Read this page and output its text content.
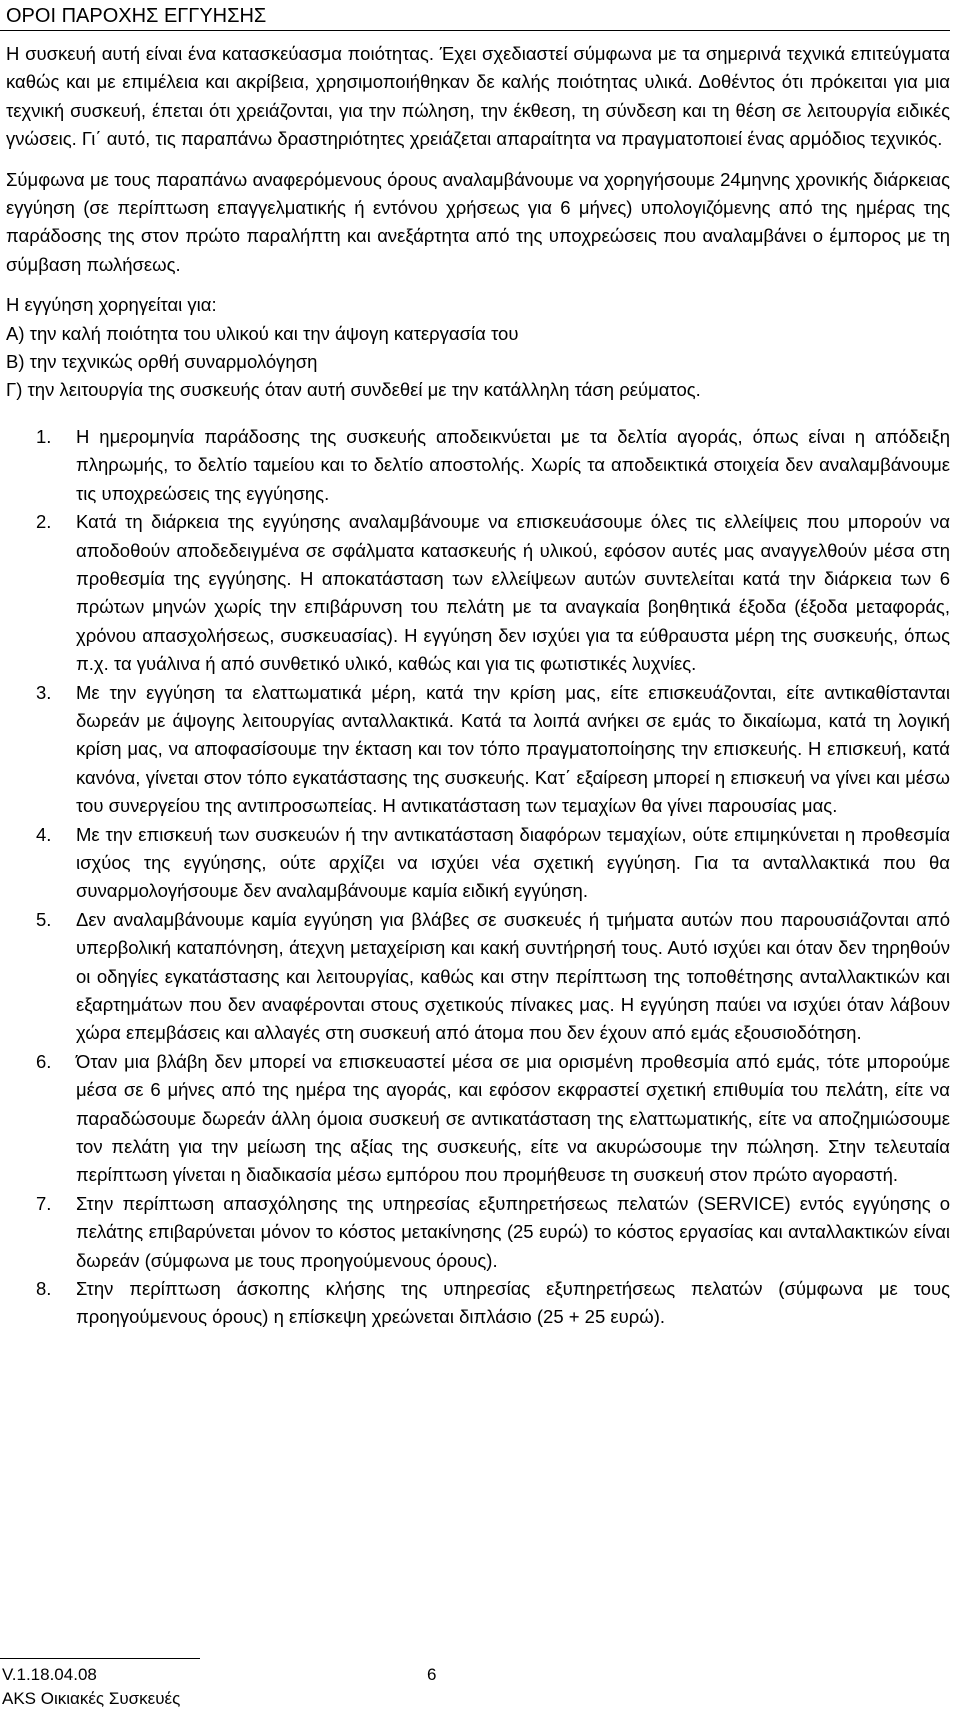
ΟΡΟΙ ΠΑΡΟΧΗΣ ΕΓΓΥΗΣΗΣ

Η συσκευή αυτή είναι ένα κατασκεύασμα ποιότητας. Έχει σχεδιαστεί σύμφωνα με τα σημερινά τεχνικά επιτεύγματα καθώς και με επιμέλεια και ακρίβεια, χρησιμοποιήθηκαν δε καλής ποιότητας υλικά. Δοθέντος ότι πρόκειται για μια τεχνική συσκευή, έπεται ότι χρειάζονται, για την πώληση, την έκθεση, τη σύνδεση και τη θέση σε λειτουργία ειδικές γνώσεις. Γι΄ αυτό, τις παραπάνω δραστηριότητες χρειάζεται απαραίτητα να πραγματοποιεί ένας αρμόδιος τεχνικός.

Σύμφωνα με τους παραπάνω αναφερόμενους όρους αναλαμβάνουμε να χορηγήσουμε 24μηνης χρονικής διάρκειας εγγύηση (σε περίπτωση επαγγελματικής ή εντόνου χρήσεως για 6 μήνες) υπολογιζόμενης από της ημέρας της παράδοσης της στον πρώτο παραλήπτη και ανεξάρτητα από της υποχρεώσεις που αναλαμβάνει ο έμπορος με τη σύμβαση πωλήσεως.

Η εγγύηση χορηγείται για:

Α) την καλή ποιότητα του υλικού και την άψογη κατεργασία του

Β) την τεχνικώς ορθή συναρμολόγηση

Γ) την λειτουργία της συσκευής όταν αυτή συνδεθεί με την κατάλληλη τάση ρεύματος.

1. Η ημερομηνία παράδοσης της συσκευής αποδεικνύεται με τα δελτία αγοράς, όπως είναι η απόδειξη πληρωμής, το δελτίο ταμείου και το δελτίο αποστολής. Χωρίς τα αποδεικτικά στοιχεία δεν αναλαμβάνουμε τις υποχρεώσεις της εγγύησης.
2. Κατά τη διάρκεια της εγγύησης αναλαμβάνουμε να επισκευάσουμε όλες τις ελλείψεις που μπορούν να αποδοθούν αποδεδειγμένα σε σφάλματα κατασκευής ή υλικού, εφόσον αυτές μας αναγγελθούν μέσα στη προθεσμία της εγγύησης. Η αποκατάσταση των ελλείψεων αυτών συντελείται κατά την διάρκεια των 6 πρώτων μηνών χωρίς την επιβάρυνση του πελάτη με τα αναγκαία βοηθητικά έξοδα (έξοδα μεταφοράς, χρόνου απασχολήσεως, συσκευασίας). Η εγγύηση δεν ισχύει για τα εύθραυστα μέρη της συσκευής, όπως π.χ. τα γυάλινα ή από συνθετικό υλικό, καθώς και για τις φωτιστικές λυχνίες.
3. Με την εγγύηση τα ελαττωματικά μέρη, κατά την κρίση μας, είτε επισκευάζονται, είτε αντικαθίστανται δωρεάν με άψογης λειτουργίας ανταλλακτικά. Κατά τα λοιπά ανήκει σε εμάς το δικαίωμα, κατά τη λογική κρίση μας, να αποφασίσουμε την έκταση και τον τόπο πραγματοποίησης την επισκευής. Η επισκευή, κατά κανόνα, γίνεται στον τόπο εγκατάστασης της συσκευής. Κατ΄ εξαίρεση μπορεί η επισκευή να γίνει και μέσω του συνεργείου της αντιπροσωπείας. Η αντικατάσταση των τεμαχίων θα γίνει παρουσίας μας.
4. Με την επισκευή των συσκευών ή την αντικατάσταση διαφόρων τεμαχίων, ούτε επιμηκύνεται η προθεσμία ισχύος της εγγύησης, ούτε αρχίζει να ισχύει νέα σχετική εγγύηση. Για τα ανταλλακτικά που θα συναρμολογήσουμε δεν αναλαμβάνουμε καμία ειδική εγγύηση.
5. Δεν αναλαμβάνουμε καμία εγγύηση για βλάβες σε συσκευές ή τμήματα αυτών που παρουσιάζονται από υπερβολική καταπόνηση, άτεχνη μεταχείριση και κακή συντήρησή τους. Αυτό ισχύει και όταν δεν τηρηθούν οι οδηγίες εγκατάστασης και λειτουργίας, καθώς και στην περίπτωση της τοποθέτησης ανταλλακτικών και εξαρτημάτων που δεν αναφέρονται στους σχετικούς πίνακες μας. Η εγγύηση παύει να ισχύει όταν λάβουν χώρα επεμβάσεις και αλλαγές στη συσκευή από άτομα που δεν έχουν από εμάς εξουσιοδότηση.
6. Όταν μια βλάβη δεν μπορεί να επισκευαστεί μέσα σε μια ορισμένη προθεσμία από εμάς, τότε μπορούμε μέσα σε 6 μήνες από της ημέρα της αγοράς, και εφόσον εκφραστεί σχετική επιθυμία του πελάτη, είτε να παραδώσουμε δωρεάν άλλη όμοια συσκευή σε αντικατάσταση της ελαττωματικής, είτε να αποζημιώσουμε τον πελάτη για την μείωση της αξίας της συσκευής, είτε να ακυρώσουμε την πώληση. Στην τελευταία περίπτωση γίνεται η διαδικασία μέσω εμπόρου που προμήθευσε τη συσκευή στον πρώτο αγοραστή.
7. Στην περίπτωση απασχόλησης της υπηρεσίας εξυπηρετήσεως πελατών (SERVICE) εντός εγγύησης ο πελάτης επιβαρύνεται μόνον το κόστος μετακίνησης (25 ευρώ) το κόστος εργασίας και ανταλλακτικών είναι δωρεάν (σύμφωνα με τους προηγούμενους όρους).
8. Στην περίπτωση άσκοπης κλήσης της υπηρεσίας εξυπηρετήσεως πελατών (σύμφωνα με τους προηγούμενους όρους) η επίσκεψη χρεώνεται διπλάσιο (25 + 25 ευρώ).
V.1.18.04.08	6
AKS Οικιακές Συσκευές
